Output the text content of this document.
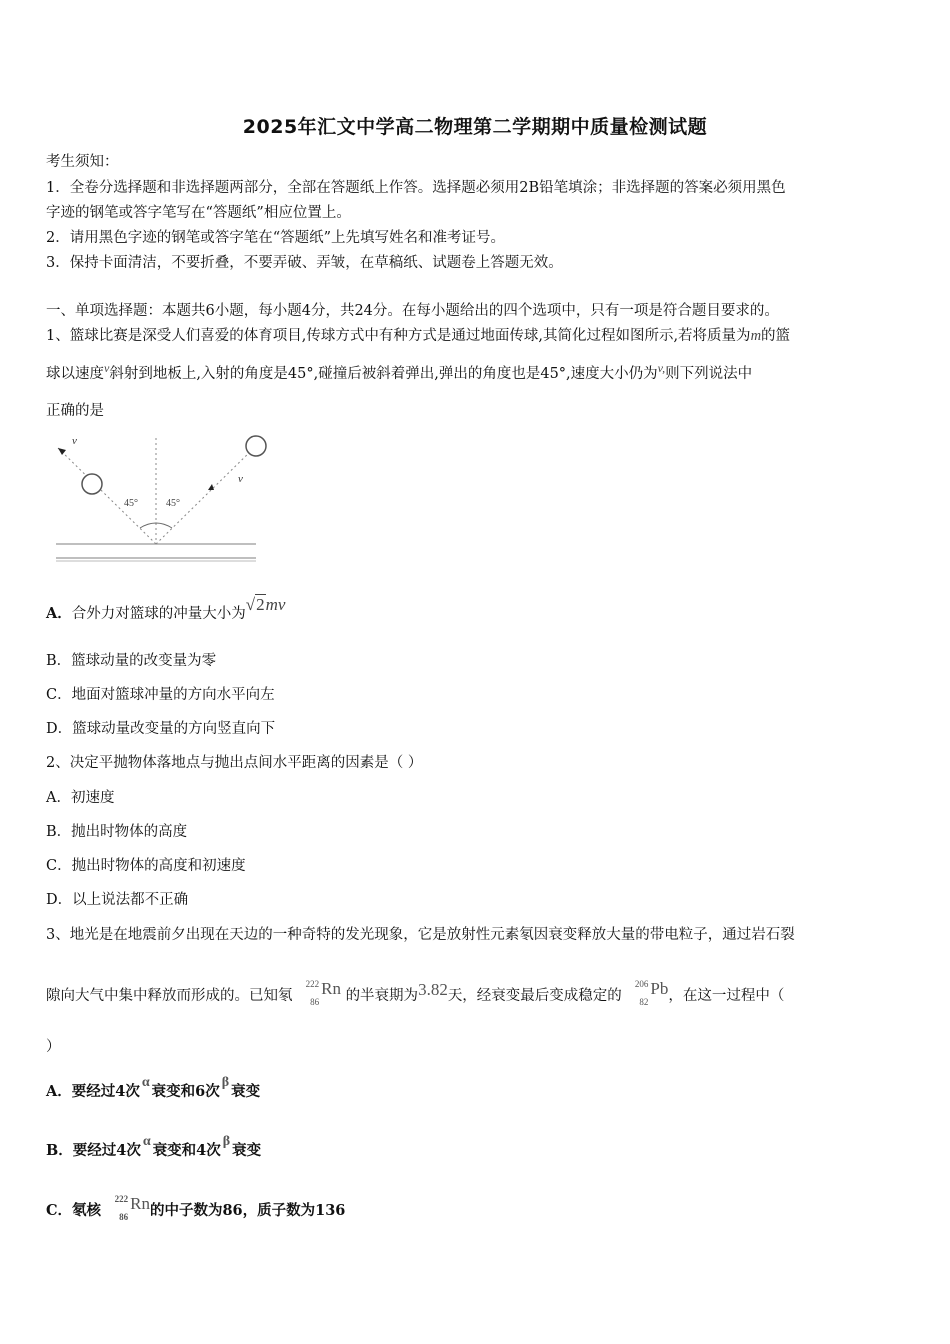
2025年汇文中学高二物理第二学期期中质量检测试题
考生须知：
1．全卷分选择题和非选择题两部分，全部在答题纸上作答。选择题必须用2B铅笔填涂；非选择题的答案必须用黑色
字迹的钢笔或答字笔写在“答题纸”相应位置上。
2．请用黑色字迹的钢笔或答字笔在“答题纸”上先填写姓名和准考证号。
3．保持卡面清洁，不要折叠，不要弄破、弄皱，在草稿纸、试题卷上答题无效。
一、单项选择题：本题共6小题，每小题4分，共24分。在每小题给出的四个选项中，只有一项是符合题目要求的。
1、篮球比赛是深受人们喜爱的体育项目,传球方式中有种方式是通过地面传球,其简化过程如图所示,若将质量为m的篮
球以速度$^v$斜射到地板上,入射的角度是45°,碰撞后被斜着弹出,弹出的角度也是45°,速度大小仍为$^{v,}$则下列说法中
正确的是
v
v
45°	45°
A．合外力对篮球的冲量大小为√2mv
B．篮球动量的改变量为零
C．地面对篮球冲量的方向水平向左
D．篮球动量改变量的方向竖直向下
2、决定平抛物体落地点与抛出点间水平距离的因素是（ ）
A．初速度
B．抛出时物体的高度
C．抛出时物体的高度和初速度
D．以上说法都不正确
3、地光是在地震前夕出现在天边的一种奇特的发光现象，它是放射性元素氡因衰变释放大量的带电粒子，通过岩石裂
隙向大气中集中释放而形成的。已知氡
222
86
Rn 的半衰期为3.82天，经衰变最后变成稳定的
206
82
Pb，在这一过程中（
）
A．要经过4次α衰变和6次β衰变
B．要经过4次α衰变和4次β衰变
C．氡核
222
86
Rn的中子数为86，质子数为136
